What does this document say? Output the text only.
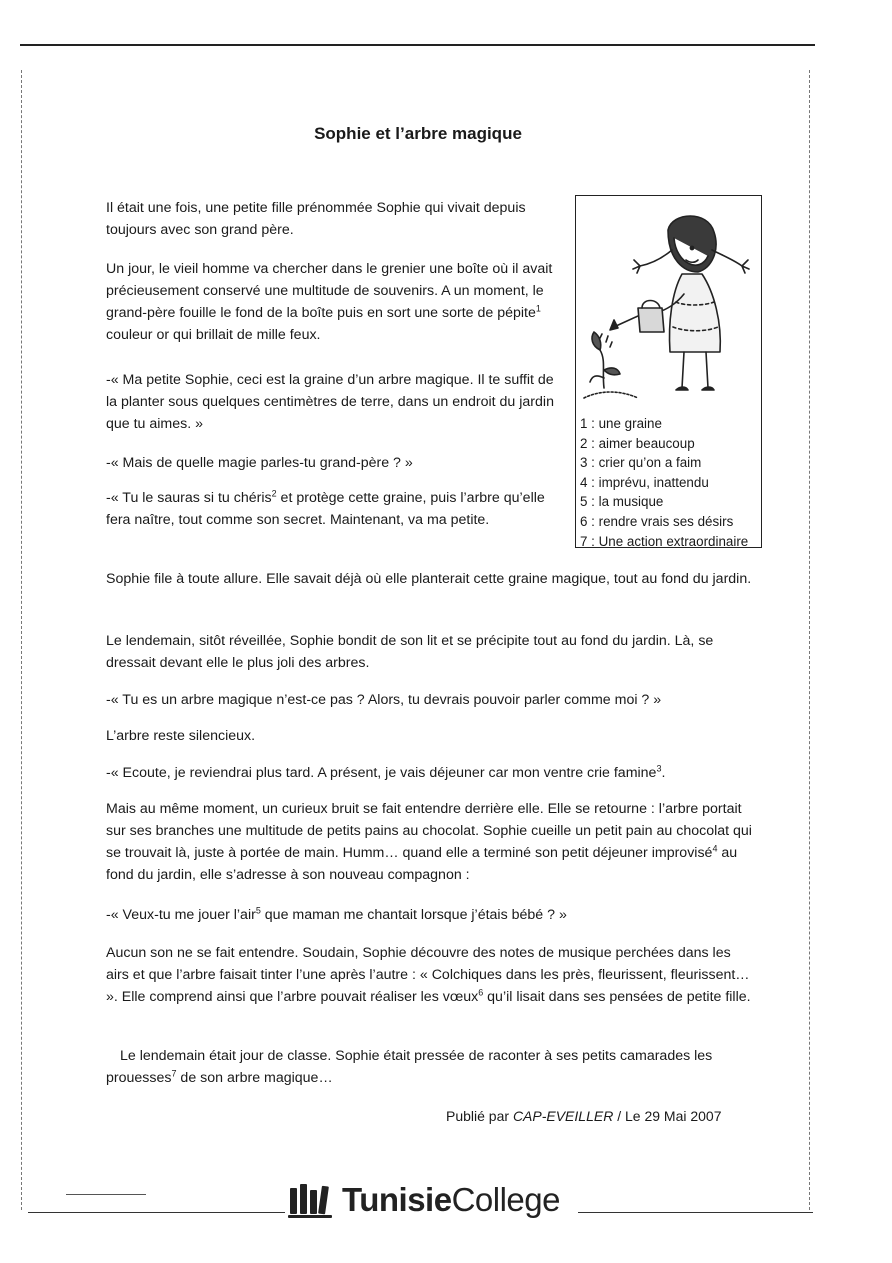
Sophie et l’arbre magique

Il était une fois, une petite fille prénommée Sophie qui vivait depuis toujours avec son grand père.

Un jour, le vieil homme va chercher dans le grenier une boîte où il avait précieusement conservé une multitude de souvenirs. A un moment, le grand-père fouille le fond de la boîte puis en sort une sorte de pépite$^1$ couleur or qui brillait de mille feux.

-« Ma petite Sophie, ceci est la graine d’un arbre magique. Il te suffit de la planter sous quelques centimètres de terre, dans un endroit du jardin que tu aimes. »

-« Mais de quelle magie parles-tu grand-père ? »

-« Tu le sauras si tu chéris$^2$ et protège cette graine, puis l’arbre qu’elle fera naître, tout comme son secret. Maintenant, va ma petite.

1 : une graine
2 : aimer beaucoup
3 : crier qu’on a faim
4 : imprévu, inattendu
5 : la musique
6 : rendre vrais ses désirs
7 : Une action extraordinaire

Sophie file à toute allure. Elle savait déjà où elle planterait cette graine magique, tout au fond du jardin.

Le lendemain, sitôt réveillée, Sophie bondit de son lit et se précipite tout au fond du jardin. Là, se dressait devant elle le plus joli des arbres.

-« Tu es un arbre magique n’est-ce pas ? Alors, tu devrais pouvoir parler comme moi ? »

L’arbre reste silencieux.

-« Ecoute, je reviendrai plus tard. A présent, je vais déjeuner car mon ventre crie famine$^3$.

Mais au même moment, un curieux bruit se fait entendre derrière elle. Elle se retourne : l’arbre portait sur ses branches une multitude de petits pains au chocolat. Sophie cueille un petit pain au chocolat qui se trouvait là, juste à portée de main. Humm… quand elle a terminé son petit déjeuner improvisé$^4$ au fond du jardin, elle s’adresse à son nouveau compagnon :

-« Veux-tu me jouer l’air$^5$ que maman me chantait lorsque j’étais bébé ? »

Aucun son ne se fait entendre. Soudain, Sophie découvre des notes de musique perchées dans les airs et que l’arbre faisait tinter l’une après l’autre : « Colchiques dans les près, fleurissent, fleurissent… ». Elle comprend ainsi que l’arbre pouvait réaliser les vœux$^6$ qu’il lisait dans ses pensées de petite fille.

Le lendemain était jour de classe. Sophie était pressée de raconter à ses petits camarades les prouesses$^7$ de son arbre magique…

Publié par CAP-EVEILLER / Le 29 Mai 2007
TunisieCollege
